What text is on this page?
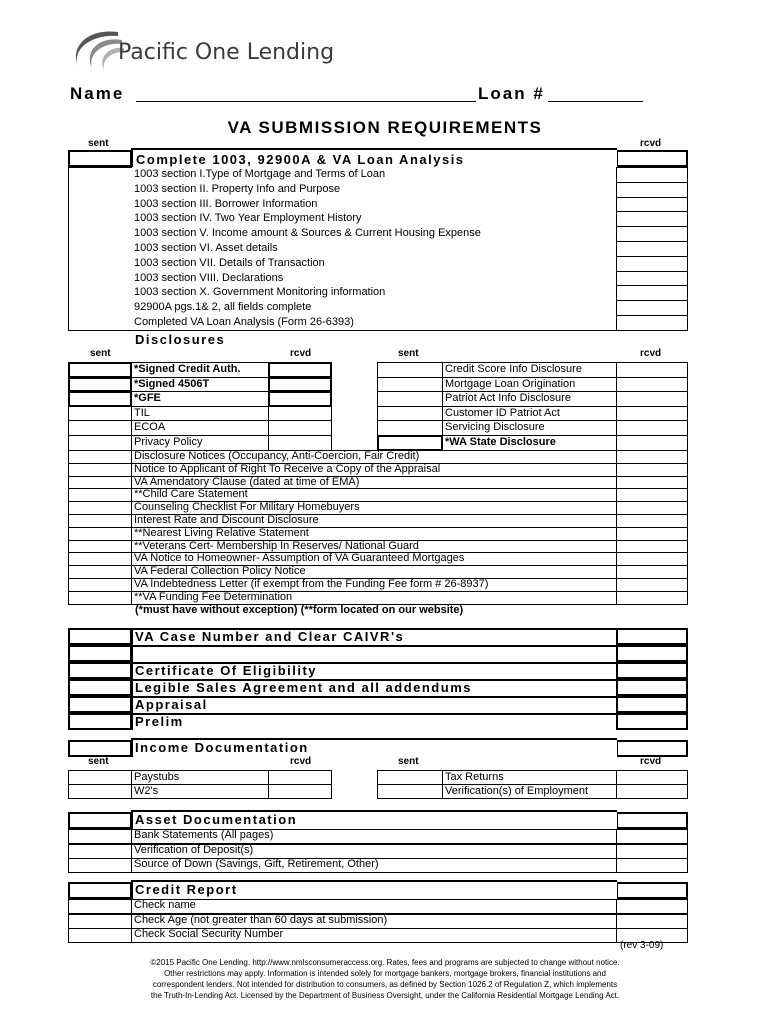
Pacific One Lending
Name	Loan #
VA SUBMISSION REQUIREMENTS
sent	rcvd
Complete 1003, 92900A & VA Loan Analysis
1003 section I.Type of Mortgage and Terms of Loan
1003 section II. Property Info and Purpose
1003 section III. Borrower Information
1003 section IV. Two Year Employment History
1003 section V. Income amount & Sources & Current Housing Expense
1003 section VI. Asset details
1003 section VII. Details of Transaction
1003 section VIII. Declarations
1003 section X. Government Monitoring information
92900A pgs.1& 2, all fields complete
Completed VA Loan Analysis (Form 26-6393)
Disclosures
sent	rcvd	sent	rcvd
*Signed Credit Auth.	Credit Score Info Disclosure
*Signed 4506T	Mortgage Loan Origination
*GFE	Patriot Act Info Disclosure
TIL	Customer ID Patriot Act
ECOA	Servicing Disclosure
Privacy Policy	*WA State Disclosure
Disclosure Notices (Occupancy, Anti-Coercion, Fair Credit)
Notice to Applicant of Right To Receive a Copy of the Appraisal
VA Amendatory Clause (dated at time of EMA)
**Child Care Statement
Counseling Checklist For Military Homebuyers
Interest Rate and Discount Disclosure
**Nearest Living Relative Statement
**Veterans Cert- Membership In Reserves/ National Guard
VA Notice to Homeowner- Assumption of VA Guaranteed Mortgages
VA Federal Collection Policy Notice
VA Indebtedness Letter (if exempt from the Funding Fee form # 26-8937)
**VA Funding Fee Determination
(*must have without exception) (**form located on our website)
VA Case Number and Clear CAIVR's
Certificate Of Eligibility
Legible Sales Agreement and all addendums
Appraisal
Prelim
Income Documentation
sent	rcvd	sent	rcvd
Paystubs	Tax Returns
W2's	Verification(s) of Employment
Asset Documentation
Bank Statements (All pages)
Verification of Deposit(s)
Source of Down (Savings, Gift, Retirement, Other)
Credit Report
Check name
Check Age (not greater than 60 days at submission)
Check Social Security Number
(rev 3-09)
©2015 Pacific One Lending. http://www.nmlsconsumeraccess.org. Rates, fees and programs are subjected to change without notice.
Other restrictions may apply. Information is intended solely for mortgage bankers, mortgage brokers, financial institutions and
correspondent lenders. Not intended for distribution to consumers, as defined by Section 1026.2 of Regulation Z, which implements
the Truth-In-Lending Act. Licensed by the Department of Business Oversight, under the California Residential Mortgage Lending Act.
